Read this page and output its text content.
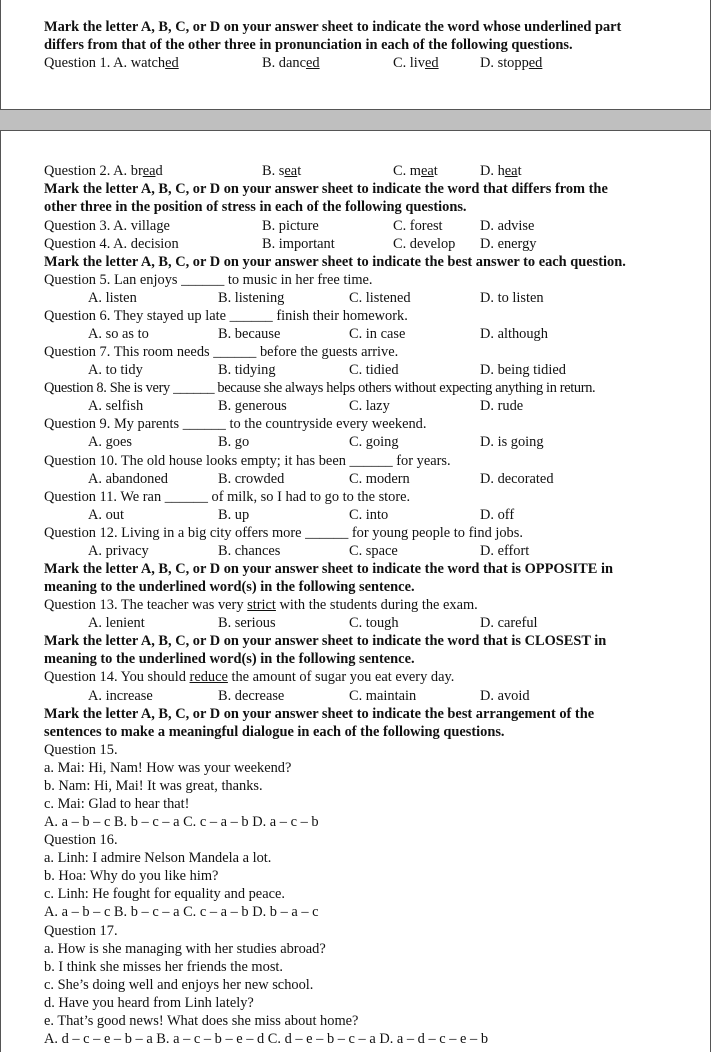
Mark the letter A, B, C, or D on your answer sheet to indicate the word whose underlined part
differs from that of the other three in pronunciation in each of the following questions.
Question 1. A. watched	B. danced	C. lived	D. stopped
Question 2. A. bread	B. seat	C. meat	D. heat
Mark the letter A, B, C, or D on your answer sheet to indicate the word that differs from the
other three in the position of stress in each of the following questions.
Question 3. A. village	B. picture	C. forest	D. advise
Question 4. A. decision	B. important	C. develop D. energy
Mark the letter A, B, C, or D on your answer sheet to indicate the best answer to each question.
Question 5. Lan enjoys ______ to music in her free time.
A. listen	B. listening	C. listened	D. to listen
Question 6. They stayed up late ______ finish their homework.
A. so as to	B. because	C. in case	D. although
Question 7. This room needs ______ before the guests arrive.
A. to tidy	B. tidying	C. tidied	D. being tidied
Question 8. She is very ______ because she always helps others without expecting anything in return.
A. selfish	B. generous	C. lazy	D. rude
Question 9. My parents ______ to the countryside every weekend.
A. goes	B. go	C. going	D. is going
Question 10. The old house looks empty; it has been ______ for years.
A. abandoned	B. crowded	C. modern	D. decorated
Question 11. We ran ______ of milk, so I had to go to the store.
A. out	B. up	C. into	D. off
Question 12. Living in a big city offers more ______ for young people to find jobs.
A. privacy	B. chances	C. space	D. effort
Mark the letter A, B, C, or D on your answer sheet to indicate the word that is OPPOSITE in
meaning to the underlined word(s) in the following sentence.
Question 13. The teacher was very strict with the students during the exam.
A. lenient	B. serious	C. tough	D. careful
Mark the letter A, B, C, or D on your answer sheet to indicate the word that is CLOSEST in
meaning to the underlined word(s) in the following sentence.
Question 14. You should reduce the amount of sugar you eat every day.
A. increase	B. decrease	C. maintain	D. avoid
Mark the letter A, B, C, or D on your answer sheet to indicate the best arrangement of the
sentences to make a meaningful dialogue in each of the following questions.
Question 15.
a. Mai: Hi, Nam! How was your weekend?
b. Nam: Hi, Mai! It was great, thanks.
c. Mai: Glad to hear that!
A. a – b – c B. b – c – a C. c – a – b D. a – c – b
Question 16.
a. Linh: I admire Nelson Mandela a lot.
b. Hoa: Why do you like him?
c. Linh: He fought for equality and peace.
A. a – b – c B. b – c – a C. c – a – b D. b – a – c
Question 17.
a. How is she managing with her studies abroad?
b. I think she misses her friends the most.
c. She’s doing well and enjoys her new school.
d. Have you heard from Linh lately?
e. That’s good news! What does she miss about home?
A. d – c – e – b – a B. a – c – b – e – d C. d – e – b – c – a D. a – d – c – e – b
